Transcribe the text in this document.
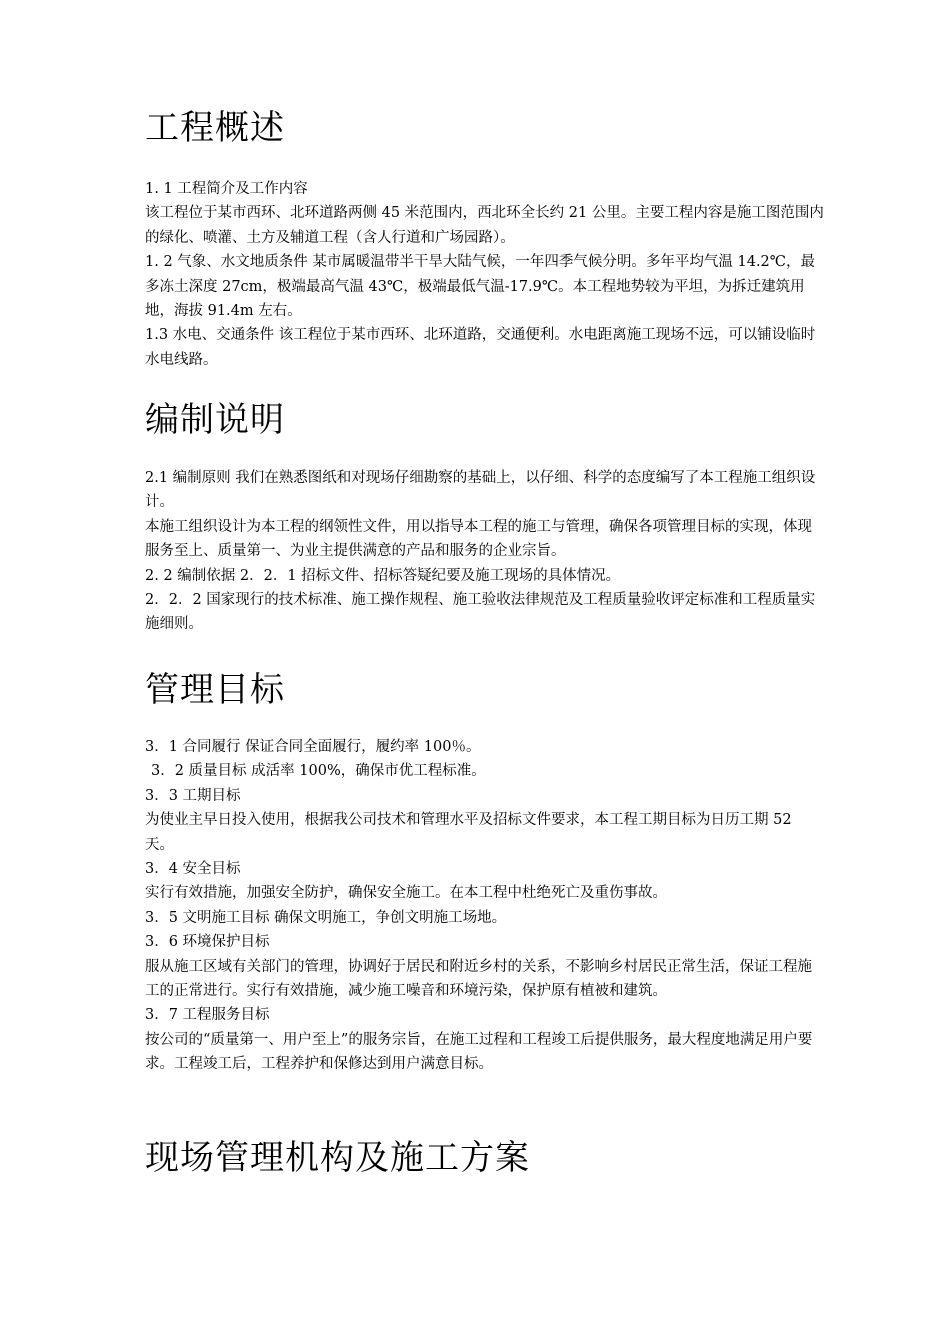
工程概述

1. 1 工程简介及工作内容

该工程位于某市西环、北环道路两侧 45 米范围内，西北环全长约 21 公里。主要工程内容是施工图范围内的绿化、喷灌、土方及辅道工程（含人行道和广场园路）。

1. 2 气象、水文地质条件 某市属暖温带半干旱大陆气候，一年四季气候分明。多年平均气温 14.2℃，最多冻土深度 27cm，极端最高气温 43℃，极端最低气温-17.9℃。本工程地势较为平坦，为拆迁建筑用地，海拔 91.4m 左右。

1.3 水电、交通条件 该工程位于某市西环、北环道路，交通便利。水电距离施工现场不远，可以铺设临时水电线路。

编制说明

2.1 编制原则 我们在熟悉图纸和对现场仔细勘察的基础上，以仔细、科学的态度编写了本工程施工组织设计。

本施工组织设计为本工程的纲领性文件，用以指导本工程的施工与管理，确保各项管理目标的实现，体现服务至上、质量第一、为业主提供满意的产品和服务的企业宗旨。

2. 2 编制依据 2．2．1 招标文件、招标答疑纪要及施工现场的具体情况。

2．2．2 国家现行的技术标准、施工操作规程、施工验收法律规范及工程质量验收评定标准和工程质量实施细则。

管理目标

3．1 合同履行 保证合同全面履行，履约率 100％。

3．2 质量目标 成活率 100%，确保市优工程标准。

3．3 工期目标

为使业主早日投入使用，根据我公司技术和管理水平及招标文件要求，本工程工期目标为日历工期 52 天。

3．4 安全目标

实行有效措施，加强安全防护，确保安全施工。在本工程中杜绝死亡及重伤事故。

3．5 文明施工目标 确保文明施工，争创文明施工场地。

3．6 环境保护目标

服从施工区域有关部门的管理，协调好于居民和附近乡村的关系，不影响乡村居民正常生活，保证工程施工的正常进行。实行有效措施，减少施工噪音和环境污染，保护原有植被和建筑。

3．7 工程服务目标

按公司的“质量第一、用户至上”的服务宗旨，在施工过程和工程竣工后提供服务，最大程度地满足用户要求。工程竣工后，工程养护和保修达到用户满意目标。

现场管理机构及施工方案
